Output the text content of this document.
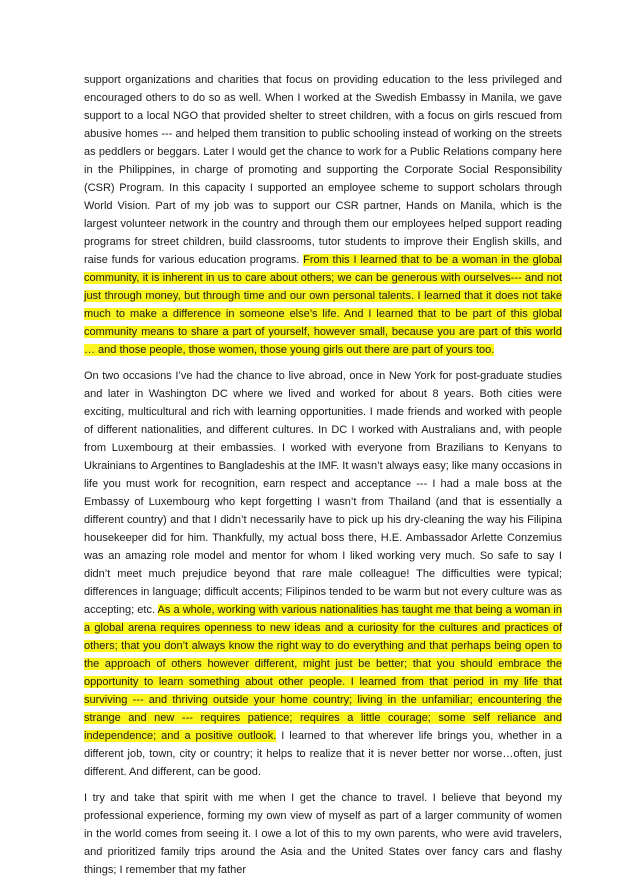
support organizations and charities that focus on providing education to the less privileged and encouraged others to do so as well. When I worked at the Swedish Embassy in Manila, we gave support to a local NGO that provided shelter to street children, with a focus on girls rescued from abusive homes --- and helped them transition to public schooling instead of working on the streets as peddlers or beggars. Later I would get the chance to work for a Public Relations company here in the Philippines, in charge of promoting and supporting the Corporate Social Responsibility (CSR) Program. In this capacity I supported an employee scheme to support scholars through World Vision. Part of my job was to support our CSR partner, Hands on Manila, which is the largest volunteer network in the country and through them our employees helped support reading programs for street children, build classrooms, tutor students to improve their English skills, and raise funds for various education programs. From this I learned that to be a woman in the global community, it is inherent in us to care about others; we can be generous with ourselves--- and not just through money, but through time and our own personal talents. I learned that it does not take much to make a difference in someone else’s life. And I learned that to be part of this global community means to share a part of yourself, however small, because you are part of this world … and those people, those women, those young girls out there are part of yours too.

On two occasions I’ve had the chance to live abroad, once in New York for post-graduate studies and later in Washington DC where we lived and worked for about 8 years. Both cities were exciting, multicultural and rich with learning opportunities. I made friends and worked with people of different nationalities, and different cultures. In DC I worked with Australians and, with people from Luxembourg at their embassies. I worked with everyone from Brazilians to Kenyans to Ukrainians to Argentines to Bangladeshis at the IMF. It wasn’t always easy; like many occasions in life you must work for recognition, earn respect and acceptance --- I had a male boss at the Embassy of Luxembourg who kept forgetting I wasn’t from Thailand (and that is essentially a different country) and that I didn’t necessarily have to pick up his dry-cleaning the way his Filipina housekeeper did for him. Thankfully, my actual boss there, H.E. Ambassador Arlette Conzemius was an amazing role model and mentor for whom I liked working very much. So safe to say I didn’t meet much prejudice beyond that rare male colleague! The difficulties were typical; differences in language; difficult accents; Filipinos tended to be warm but not every culture was as accepting; etc. As a whole, working with various nationalities has taught me that being a woman in a global arena requires openness to new ideas and a curiosity for the cultures and practices of others; that you don’t always know the right way to do everything and that perhaps being open to the approach of others however different, might just be better; that you should embrace the opportunity to learn something about other people. I learned from that period in my life that surviving --- and thriving outside your home country; living in the unfamiliar; encountering the strange and new --- requires patience; requires a little courage; some self reliance and independence; and a positive outlook. I learned to that wherever life brings you, whether in a different job, town, city or country; it helps to realize that it is never better nor worse…often, just different. And different, can be good.

I try and take that spirit with me when I get the chance to travel. I believe that beyond my professional experience, forming my own view of myself as part of a larger community of women in the world comes from seeing it. I owe a lot of this to my own parents, who were avid travelers, and prioritized family trips around the Asia and the United States over fancy cars and flashy things; I remember that my father
